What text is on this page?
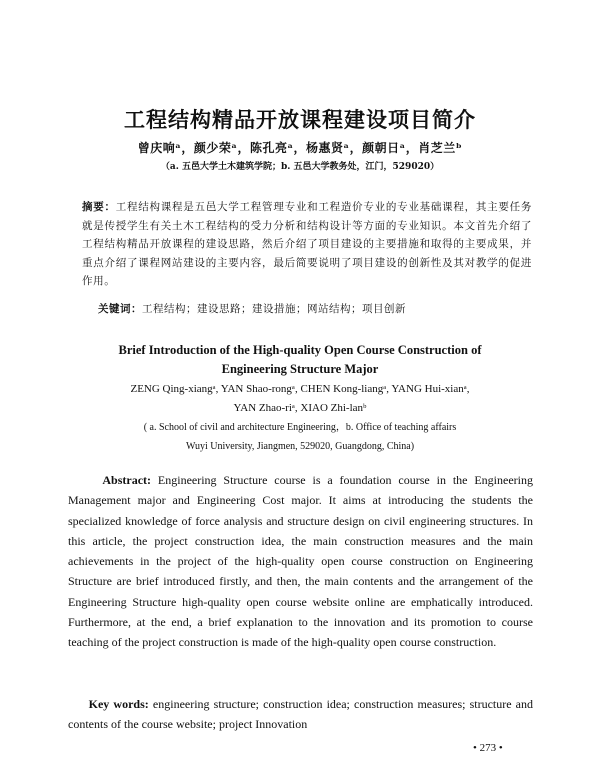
工程结构精品开放课程建设项目简介
曾庆响ᵃ，颜少荣ᵃ，陈孔亮ᵃ，杨惠贤ᵃ，颜朝日ᵃ，肖芝兰ᵇ
（a. 五邑大学土木建筑学院；b. 五邑大学教务处，江门，529020）
摘要：工程结构课程是五邑大学工程管理专业和工程造价专业的专业基础课程，其主要任务就是传授学生有关土木工程结构的受力分析和结构设计等方面的专业知识。本文首先介绍了工程结构精品开放课程的建设思路，然后介绍了项目建设的主要措施和取得的主要成果，并重点介绍了课程网站建设的主要内容，最后简要说明了项目建设的创新性及其对教学的促进作用。
关键词：工程结构；建设思路；建设措施；网站结构；项目创新
Brief Introduction of the High-quality Open Course Construction of
Engineering Structure Major
ZENG Qing-xiangᵃ, YAN Shao-rongᵃ, CHEN Kong-liangᵃ, YANG Hui-xianᵃ,
YAN Zhao-riᵃ, XIAO Zhi-lanᵇ
( a. School of civil and architecture Engineering，b. Office of teaching affairs
Wuyi University, Jiangmen, 529020, Guangdong, China)
Abstract: Engineering Structure course is a foundation course in the Engineering Management major and Engineering Cost major. It aims at introducing the students the specialized knowledge of force analysis and structure design on civil engineering structures. In this article, the project construction idea, the main construction measures and the main achievements in the project of the high-quality open course construction on Engineering Structure are brief introduced firstly, and then, the main contents and the arrangement of the Engineering Structure high-quality open course website online are emphatically introduced. Furthermore, at the end, a brief explanation to the innovation and its promotion to course teaching of the project construction is made of the high-quality open course construction.
Key words: engineering structure; construction idea; construction measures; structure and contents of the course website; project Innovation
• 273 •
